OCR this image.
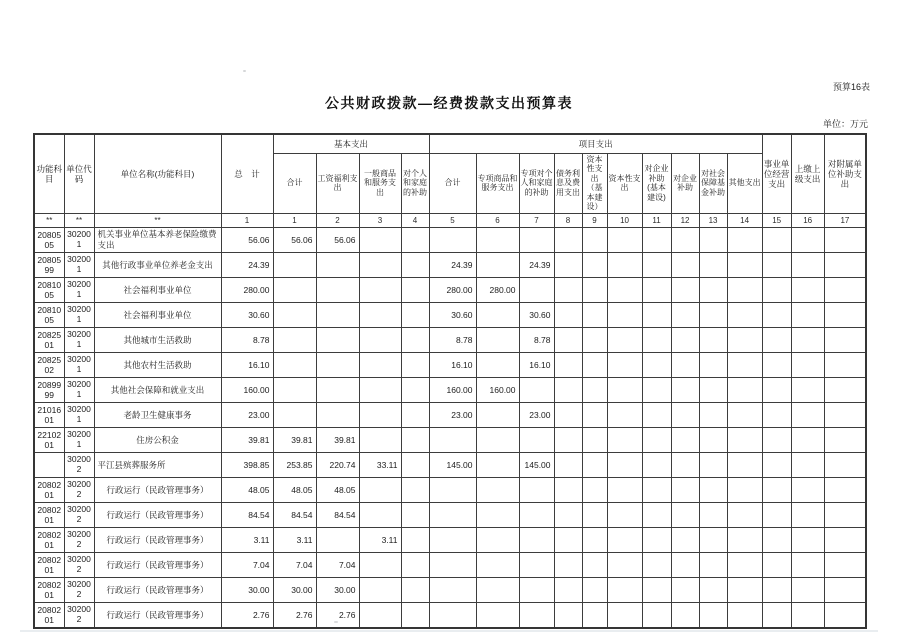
预算16表
公共财政拨款—经费拨款支出预算表
单位：万元
功能科目	单位代码	单位名称(功能科目)	总　计	基本支出				项目支出										事业单位经营支出	上缴上级支出	对附属单位补助支出
				合计	工资福利支出	一般商品和服务支出	对个人和家庭的补助	合计	专项商品和服务支出	专项对个人和家庭的补助	债务利息及费用支出	资本性支出（基本建设）	资本性支出	对企业补助(基本建设)	对企业补助	对社会保障基金补助	其他支出			
**	**	**	1	1	2	3	4	5	6	7	8	9	10	11	12	13	14	15	16	17
2080505	302001	机关事业单位基本养老保险缴费支出	56.06	56.06	56.06															
2080599	302001	其他行政事业单位养老金支出	24.39					24.39		24.39										
2081005	302001	社会福利事业单位	280.00					280.00	280.00											
2081005	302001	社会福利事业单位	30.60					30.60		30.60										
2082501	302001	其他城市生活救助	8.78					8.78		8.78										
2082502	302001	其他农村生活救助	16.10					16.10		16.10										
2089999	302001	其他社会保障和就业支出	160.00					160.00	160.00											
2101601	302001	老龄卫生健康事务	23.00					23.00		23.00										
2210201	302001	住房公积金	39.81	39.81	39.81															
	302002	平江县殡葬服务所	398.85	253.85	220.74	33.11		145.00		145.00										
2080201	302002	行政运行（民政管理事务）	48.05	48.05	48.05															
2080201	302002	行政运行（民政管理事务）	84.54	84.54	84.54															
2080201	302002	行政运行（民政管理事务）	3.11	3.11		3.11														
2080201	302002	行政运行（民政管理事务）	7.04	7.04	7.04															
2080201	302002	行政运行（民政管理事务）	30.00	30.00	30.00															
2080201	302002	行政运行（民政管理事务）	2.76	2.76	2.76															
